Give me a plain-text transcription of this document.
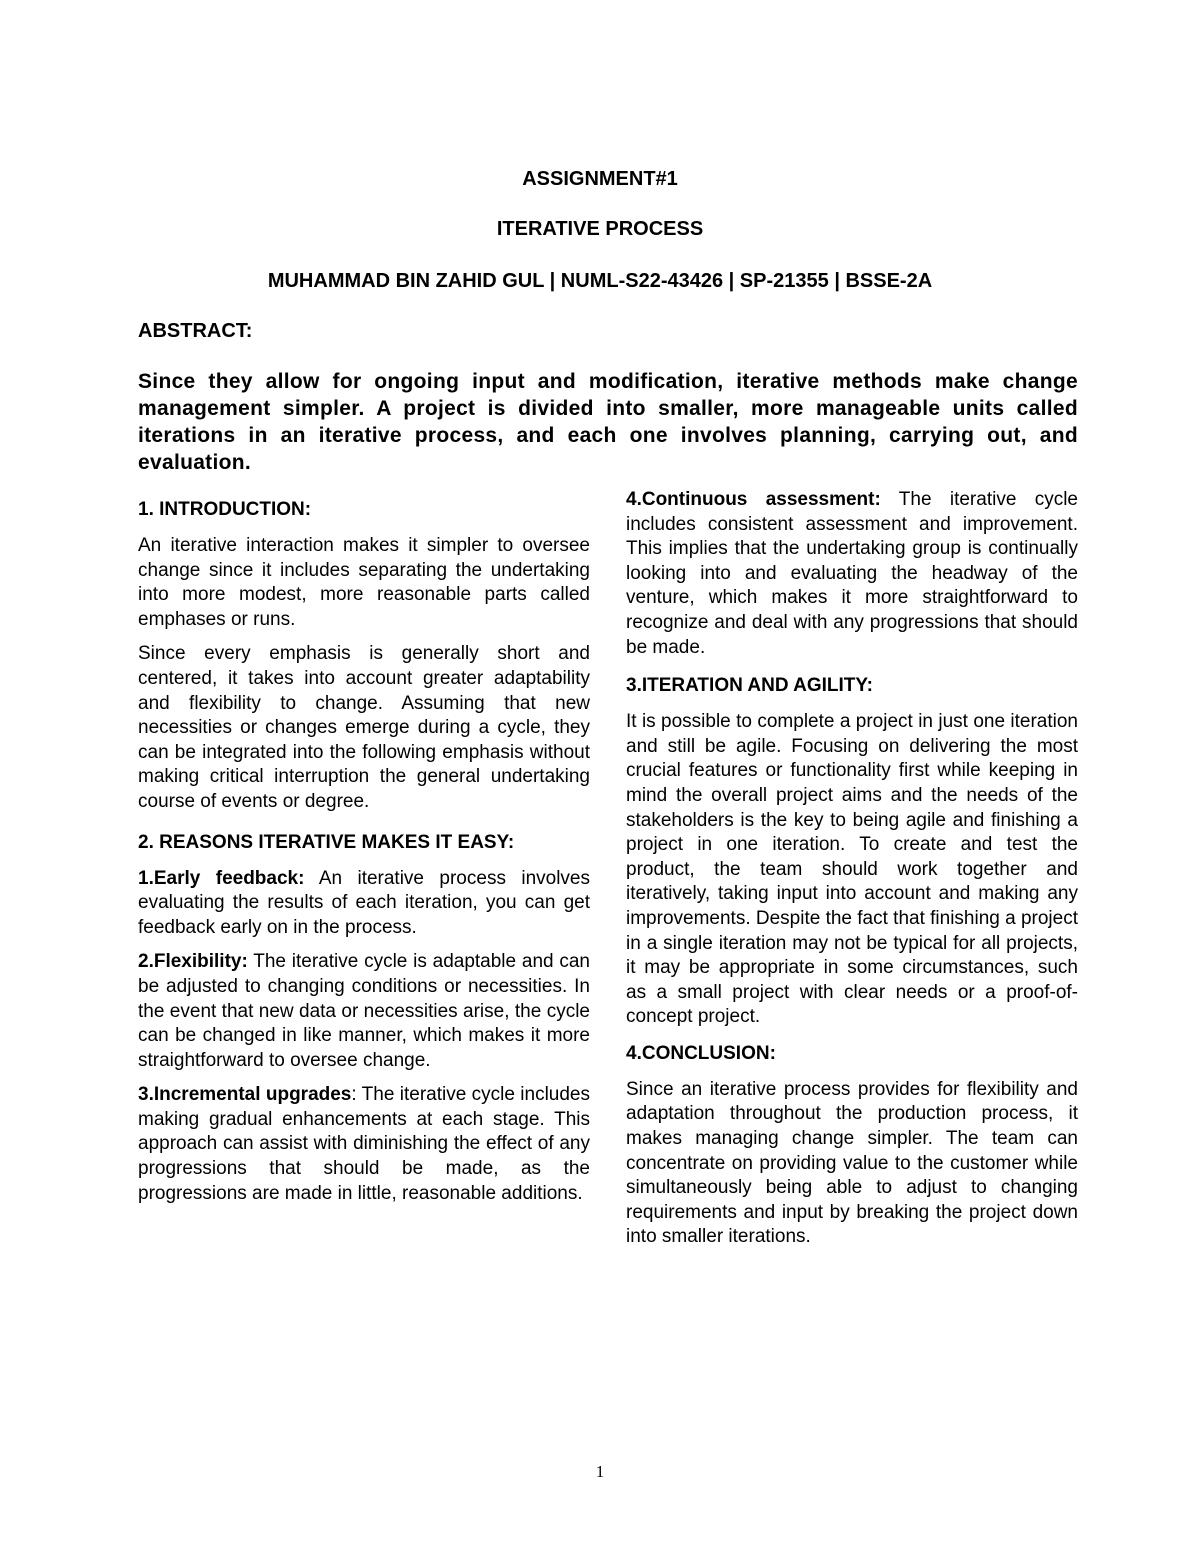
ASSIGNMENT#1
ITERATIVE PROCESS
MUHAMMAD BIN ZAHID GUL | NUML-S22-43426 | SP-21355 | BSSE-2A
ABSTRACT:
Since they allow for ongoing input and modification, iterative methods make change management simpler. A project is divided into smaller, more manageable units called iterations in an iterative process, and each one involves planning, carrying out, and evaluation.
1. INTRODUCTION:

An iterative interaction makes it simpler to oversee change since it includes separating the undertaking into more modest, more reasonable parts called emphases or runs.

Since every emphasis is generally short and centered, it takes into account greater adaptability and flexibility to change. Assuming that new necessities or changes emerge during a cycle, they can be integrated into the following emphasis without making critical interruption the general undertaking course of events or degree.

2. REASONS ITERATIVE MAKES IT EASY:

1.Early feedback: An iterative process involves evaluating the results of each iteration, you can get feedback early on in the process.

2.Flexibility: The iterative cycle is adaptable and can be adjusted to changing conditions or necessities. In the event that new data or necessities arise, the cycle can be changed in like manner, which makes it more straightforward to oversee change.

3.Incremental upgrades: The iterative cycle includes making gradual enhancements at each stage. This approach can assist with diminishing the effect of any progressions that should be made, as the progressions are made in little, reasonable additions.

4.Continuous assessment: The iterative cycle includes consistent assessment and improvement. This implies that the undertaking group is continually looking into and evaluating the headway of the venture, which makes it more straightforward to recognize and deal with any progressions that should be made.

3.ITERATION AND AGILITY:

It is possible to complete a project in just one iteration and still be agile. Focusing on delivering the most crucial features or functionality first while keeping in mind the overall project aims and the needs of the stakeholders is the key to being agile and finishing a project in one iteration. To create and test the product, the team should work together and iteratively, taking input into account and making any improvements. Despite the fact that finishing a project in a single iteration may not be typical for all projects, it may be appropriate in some circumstances, such as a small project with clear needs or a proof-of-concept project.

4.CONCLUSION:

Since an iterative process provides for flexibility and adaptation throughout the production process, it makes managing change simpler. The team can concentrate on providing value to the customer while simultaneously being able to adjust to changing requirements and input by breaking the project down into smaller iterations.

1
